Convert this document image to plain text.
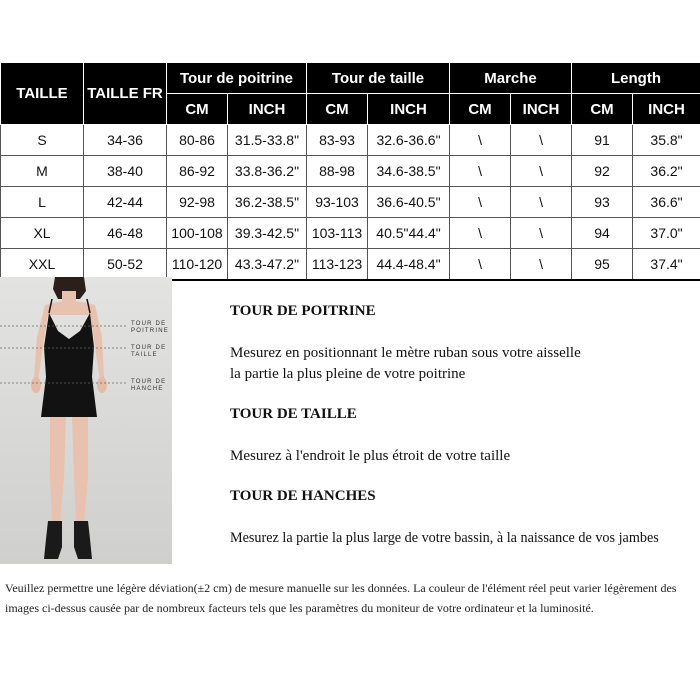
TAILLE	TAILLE FR	Tour de poitrine		Tour de taille		Marche		Length	
		CM	INCH	CM	INCH	CM	INCH	CM	INCH
S	34-36	80-86	31.5-33.8"	83-93	32.6-36.6"	\	\	91	35.8"
M	38-40	86-92	33.8-36.2"	88-98	34.6-38.5"	\	\	92	36.2"
L	42-44	92-98	36.2-38.5"	93-103	36.6-40.5"	\	\	93	36.6"
XL	46-48	100-108	39.3-42.5"	103-113	40.5"44.4"	\	\	94	37.0"
XXL	50-52	110-120	43.3-47.2"	113-123	44.4-48.4"	\	\	95	37.4"
TOUR DE
POITRINE
TOUR DE
TAILLE
TOUR DE
HANCHE
TOUR DE POITRINE
Mesurez en positionnant le mètre ruban sous votre aisselle
la partie la plus pleine de votre poitrine
TOUR DE TAILLE
Mesurez à l'endroit le plus étroit de votre taille
TOUR DE HANCHES
Mesurez la partie la plus large de votre bassin, à la naissance de vos jambes
Veuillez permettre une légère déviation(±2 cm) de mesure manuelle sur les données. La couleur de l'élément réel peut varier légèrement des images ci-dessus causée par de nombreux facteurs tels que les paramètres du moniteur de votre ordinateur et la luminosité.
